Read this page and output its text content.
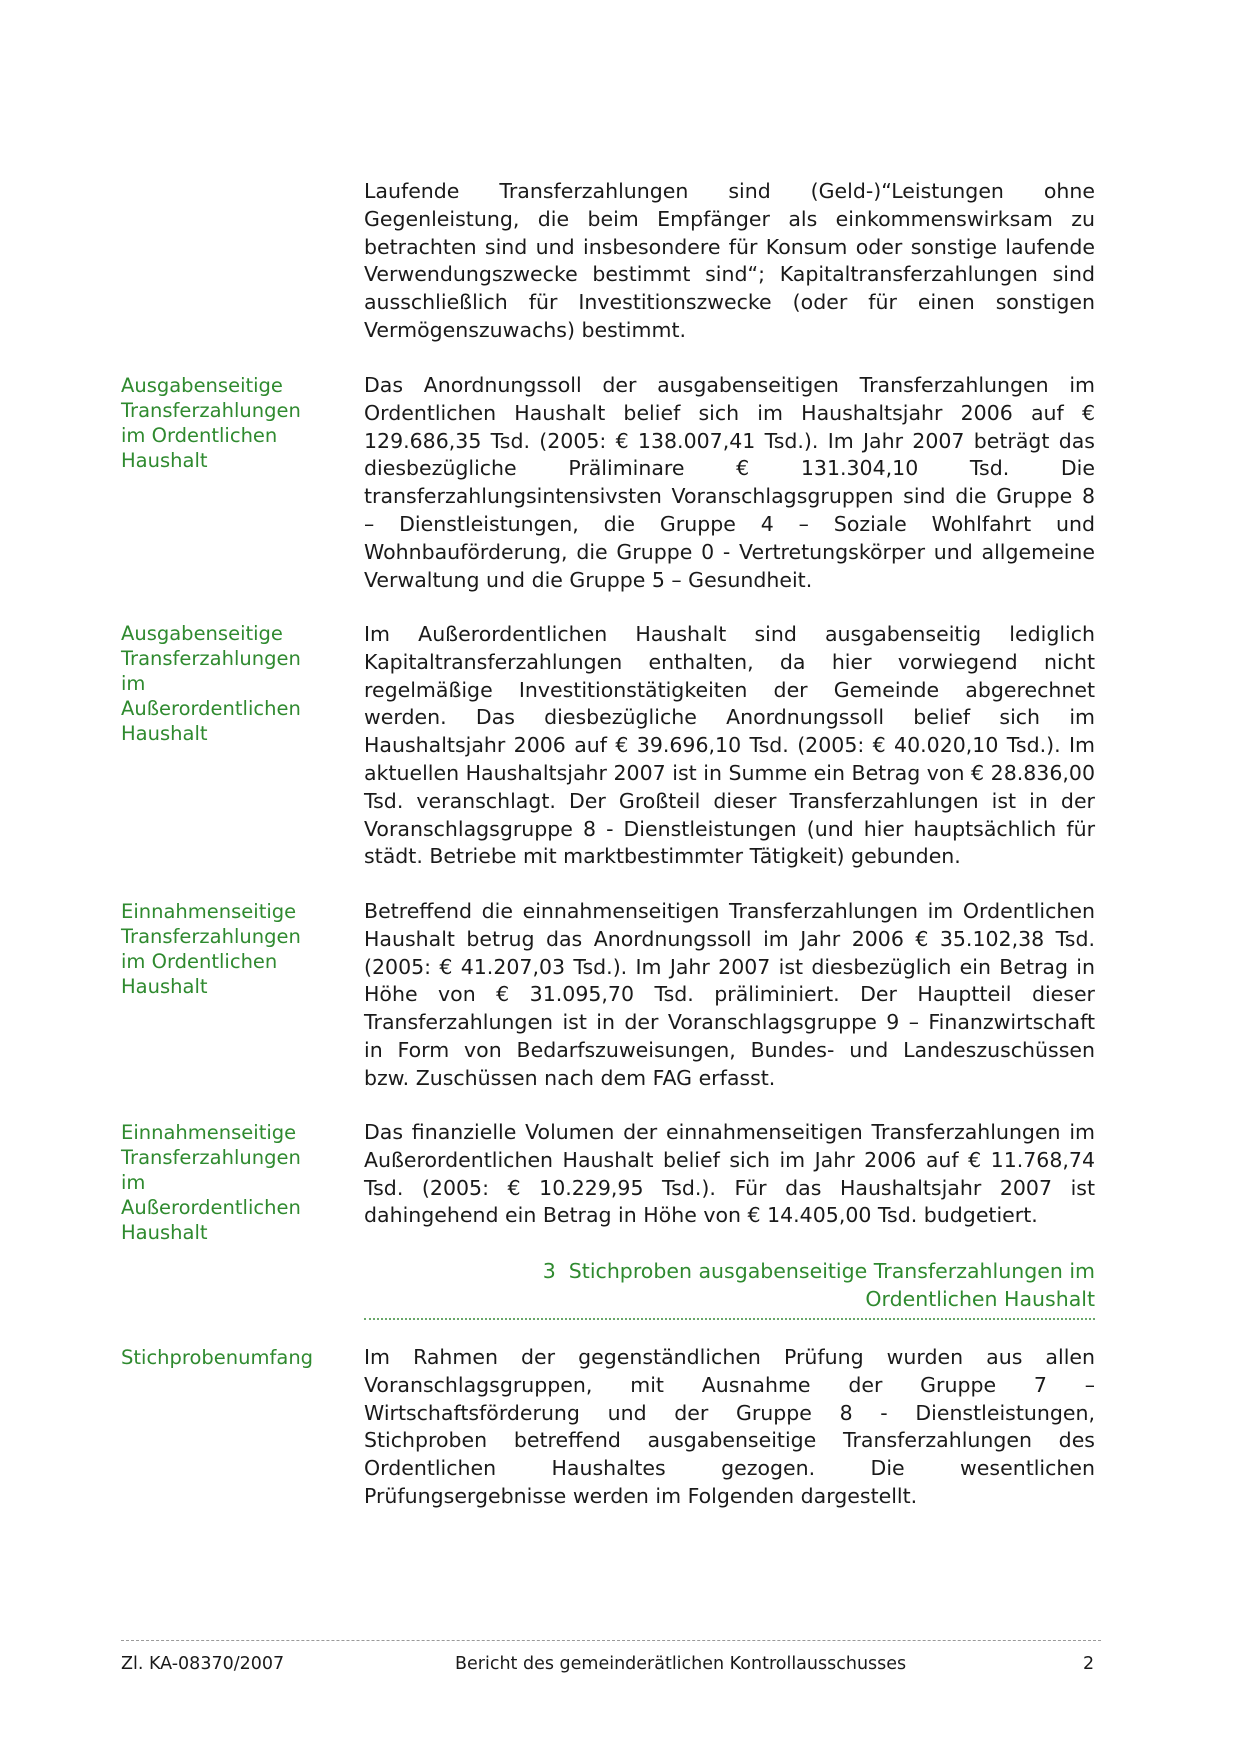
Laufende Transferzahlungen sind (Geld-)“Leistungen ohne Gegenleistung, die beim Empfänger als einkommenswirksam zu betrachten sind und insbesondere für Konsum oder sonstige laufende Verwendungszwecke bestimmt sind“; Kapitaltransferzahlungen sind ausschließlich für Investitionszwecke (oder für einen sonstigen Vermögenszuwachs) bestimmt.
Ausgabenseitige Transferzahlungen im Ordentlichen Haushalt
Das Anordnungssoll der ausgabenseitigen Transferzahlungen im Ordentlichen Haushalt belief sich im Haushaltsjahr 2006 auf € 129.686,35 Tsd. (2005: € 138.007,41 Tsd.). Im Jahr 2007 beträgt das diesbezügliche Präliminare € 131.304,10 Tsd. Die transferzahlungsintensivsten Voranschlagsgruppen sind die Gruppe 8 – Dienstleistungen, die Gruppe 4 – Soziale Wohlfahrt und Wohnbauförderung, die Gruppe 0 - Vertretungskörper und allgemeine Verwaltung und die Gruppe 5 – Gesundheit.
Ausgabenseitige Transferzahlungen im Außerordentlichen Haushalt
Im Außerordentlichen Haushalt sind ausgabenseitig lediglich Kapitaltransferzahlungen enthalten, da hier vorwiegend nicht regelmäßige Investitionstätigkeiten der Gemeinde abgerechnet werden. Das diesbezügliche Anordnungssoll belief sich im Haushaltsjahr 2006 auf € 39.696,10 Tsd. (2005: € 40.020,10 Tsd.). Im aktuellen Haushaltsjahr 2007 ist in Summe ein Betrag von € 28.836,00 Tsd. veranschlagt. Der Großteil dieser Transferzahlungen ist in der Voranschlagsgruppe 8 - Dienstleistungen (und hier hauptsächlich für städt. Betriebe mit marktbestimmter Tätigkeit) gebunden.
Einnahmenseitige Transferzahlungen im Ordentlichen Haushalt
Betreffend die einnahmenseitigen Transferzahlungen im Ordentlichen Haushalt betrug das Anordnungssoll im Jahr 2006 € 35.102,38 Tsd. (2005: € 41.207,03 Tsd.). Im Jahr 2007 ist diesbezüglich ein Betrag in Höhe von € 31.095,70 Tsd. präliminiert. Der Hauptteil dieser Transferzahlungen ist in der Voranschlagsgruppe 9 – Finanzwirtschaft in Form von Bedarfszuweisungen, Bundes- und Landeszuschüssen bzw. Zuschüssen nach dem FAG erfasst.
Einnahmenseitige Transferzahlungen im Außerordentlichen Haushalt
Das finanzielle Volumen der einnahmenseitigen Transferzahlungen im Außerordentlichen Haushalt belief sich im Jahr 2006 auf € 11.768,74 Tsd. (2005: € 10.229,95 Tsd.). Für das Haushaltsjahr 2007 ist dahingehend ein Betrag in Höhe von € 14.405,00 Tsd. budgetiert.
3 Stichproben ausgabenseitige Transferzahlungen im
Ordentlichen Haushalt
Stichprobenumfang	Im Rahmen der gegenständlichen Prüfung wurden aus allen Voranschlagsgruppen, mit Ausnahme der Gruppe 7 – Wirtschaftsförderung und der Gruppe 8 - Dienstleistungen, Stichproben betreffend ausgabenseitige Transferzahlungen des Ordentlichen Haushaltes gezogen. Die wesentlichen Prüfungsergebnisse werden im Folgenden dargestellt.
Zl. KA-08370/2007	Bericht des gemeinderätlichen Kontrollausschusses	2
